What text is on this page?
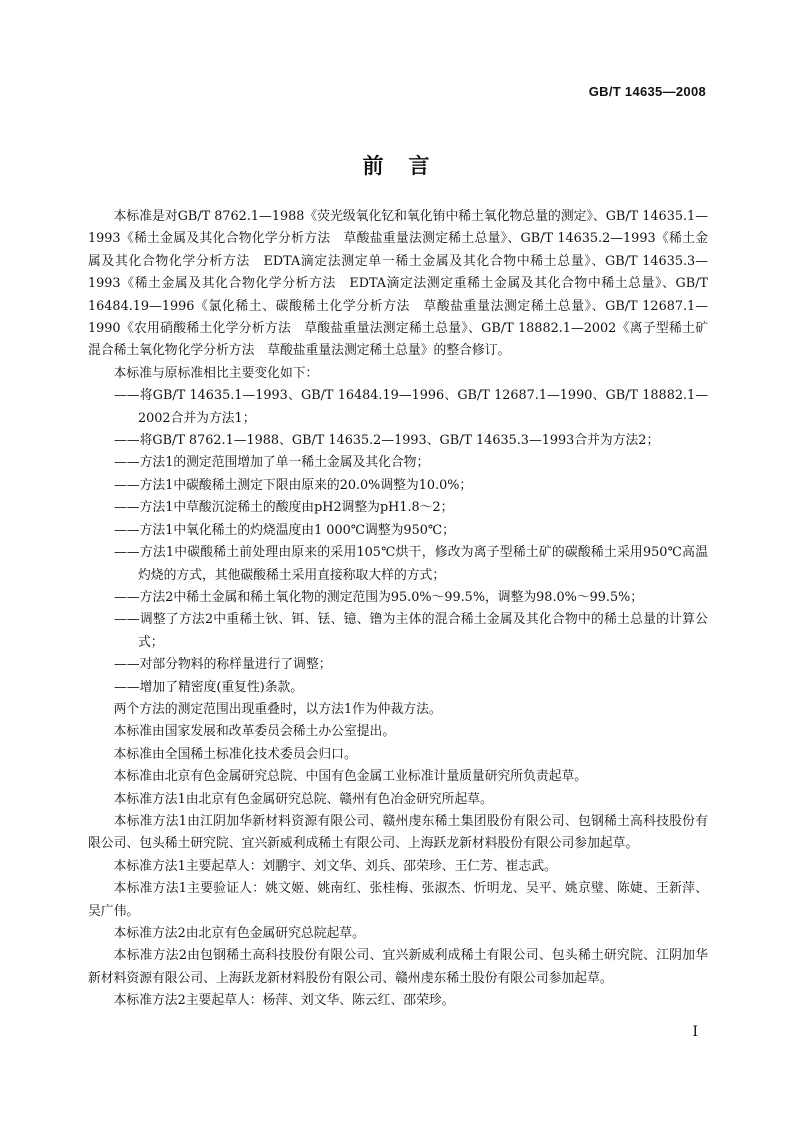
GB/T 14635—2008
前　言

本标准是对GB/T 8762.1—1988《荧光级氧化钇和氧化铕中稀土氧化物总量的测定》、GB/T 14635.1—1993《稀土金属及其化合物化学分析方法　草酸盐重量法测定稀土总量》、GB/T 14635.2—1993《稀土金属及其化合物化学分析方法　EDTA滴定法测定单一稀土金属及其化合物中稀土总量》、GB/T 14635.3—1993《稀土金属及其化合物化学分析方法　EDTA滴定法测定重稀土金属及其化合物中稀土总量》、GB/T 16484.19—1996《氯化稀土、碳酸稀土化学分析方法　草酸盐重量法测定稀土总量》、GB/T 12687.1—1990《农用硝酸稀土化学分析方法　草酸盐重量法测定稀土总量》、GB/T 18882.1—2002《离子型稀土矿混合稀土氧化物化学分析方法　草酸盐重量法测定稀土总量》的整合修订。

本标准与原标准相比主要变化如下：

——将GB/T 14635.1—1993、GB/T 16484.19—1996、GB/T 12687.1—1990、GB/T 18882.1—2002合并为方法1；

——将GB/T 8762.1—1988、GB/T 14635.2—1993、GB/T 14635.3—1993合并为方法2；

——方法1的测定范围增加了单一稀土金属及其化合物；

——方法1中碳酸稀土测定下限由原来的20.0%调整为10.0%；

——方法1中草酸沉淀稀土的酸度由pH2调整为pH1.8～2；

——方法1中氧化稀土的灼烧温度由1 000℃调整为950℃；

——方法1中碳酸稀土前处理由原来的采用105℃烘干，修改为离子型稀土矿的碳酸稀土采用950℃高温灼烧的方式，其他碳酸稀土采用直接称取大样的方式；

——方法2中稀土金属和稀土氧化物的测定范围为95.0%～99.5%，调整为98.0%～99.5%；

——调整了方法2中重稀土钬、铒、铥、镱、镥为主体的混合稀土金属及其化合物中的稀土总量的计算公式；

——对部分物料的称样量进行了调整；

——增加了精密度(重复性)条款。

两个方法的测定范围出现重叠时，以方法1作为仲裁方法。

本标准由国家发展和改革委员会稀土办公室提出。

本标准由全国稀土标准化技术委员会归口。

本标准由北京有色金属研究总院、中国有色金属工业标准计量质量研究所负责起草。

本标准方法1由北京有色金属研究总院、赣州有色冶金研究所起草。

本标准方法1由江阴加华新材料资源有限公司、赣州虔东稀土集团股份有限公司、包钢稀土高科技股份有限公司、包头稀土研究院、宜兴新威利成稀土有限公司、上海跃龙新材料股份有限公司参加起草。

本标准方法1主要起草人：刘鹏宇、刘文华、刘兵、邵荣珍、王仁芳、崔志武。

本标准方法1主要验证人：姚文姬、姚南红、张桂梅、张淑杰、忻明龙、吴平、姚京璧、陈婕、王新萍、吴广伟。

本标准方法2由北京有色金属研究总院起草。

本标准方法2由包钢稀土高科技股份有限公司、宜兴新威利成稀土有限公司、包头稀土研究院、江阴加华新材料资源有限公司、上海跃龙新材料股份有限公司、赣州虔东稀土股份有限公司参加起草。

本标准方法2主要起草人：杨萍、刘文华、陈云红、邵荣珍。

I
